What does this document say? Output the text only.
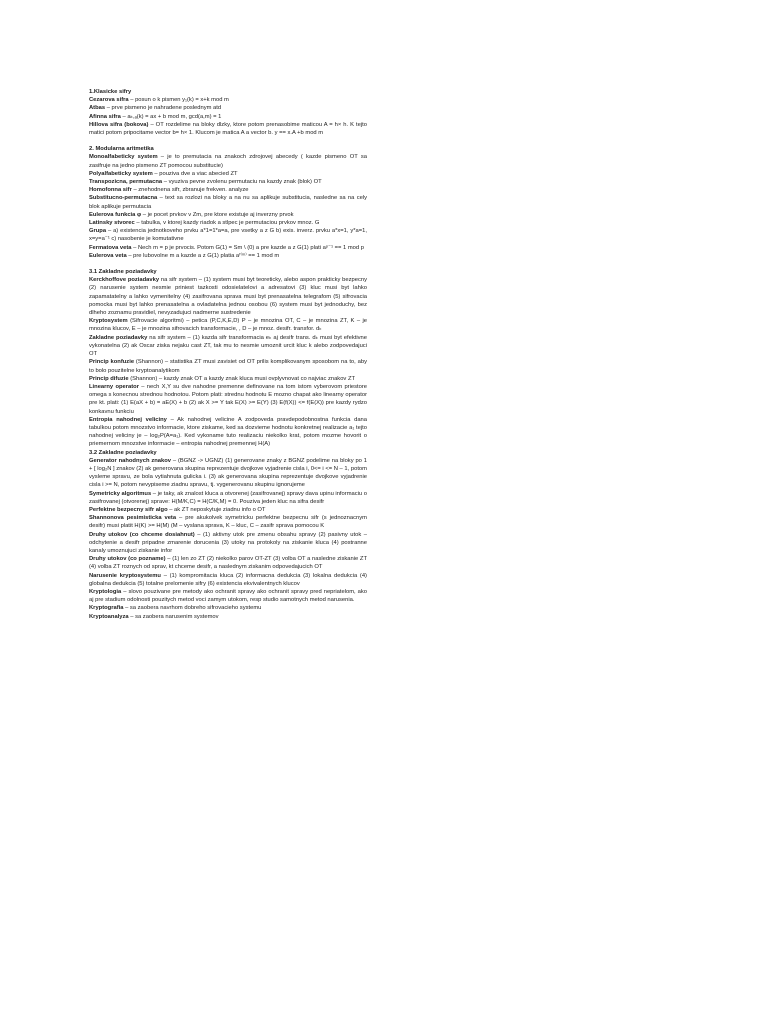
1.Klasicke sifry

Cezarova sifra – posun o k pismen y₁(k) = x+k mod m

Atbas – prve pismeno je nahradene poslednym atd

Afinna sifra – aₖ,ₐ(k) = ax + b mod m, gcd(a,m) = 1

Hillova sifra (bokova) – OT rozdelime na bloky dlzky, ktore potom prenasobime maticou A = h× h. K tejto matici potom pripocitame vector b= h× 1. Klucom je matica A a vector b. y == x.A +b mod m

2. Modularna aritmetika

Monoalfabeticky system – je to premutacia na znakoch zdrojovej abecedy ( kazde pismeno OT sa zasifruje na jedno pismeno ZT pomocou substitucie)

Polyalfabeticky system – pouziva dve a viac abecied ZT

Transpozicna, permutacna – vyuziva pevne zvolenu permutaciu na kazdy znak (blok) OT

Homofonna sifr – znehodnena sifr, zbranuje frekven. analyze

Substitucno-permutacna – text sa rozlozi na bloky a na nu sa aplikuje substitucia, nasledne sa na cely blok aplikuje permutacia

Eulerova funkcia φ – je pocet prvkov v Zm, pre ktore existuje aj inverzny prvok

Latinsky stvorec – tabulka, v ktorej kazdy riadok a stlpec je permutaciou prvkov mnoz. G

Grupa – a) existencia jednotkoveho prvku a*1=1*a=a, pre vsetky a z G b) exis. inverz. prvku a*x=1, y*a=1, x=y=a⁻¹ c) nasobenie je komutativne

Fermatova veta – Nech m = p je prvocis. Potom G(1) = Sm \ (0) a pre kazde a z G(1) plati aᵖ⁻¹ == 1 mod p

Eulerova veta – pre lubovolne m a kazde a z G(1) platia aᶠ⁽ᵐ⁾ == 1 mod m

3.1 Zakladne poziadavky

Kerckhoffove poziadavky na sifr system – (1) system musi byt teoreticky, alebo aspon prakticky bezpecny (2) narusenie system nesmie priniest tazkosti odosielatelovi a adresatovi (3) kluc musi byt lahko zapamatatelny a lahko vymenitelny (4) zasifrovana sprava musi byt prenasatelna telegrafom (5) sifrovacia pomocka musi byt lahko prenasatelna a ovladatelna jednou osobou (6) system musi byt jednoduchy, bez dlheho zoznamu pravidiel, nevyzadujuci nadmerne sustredenie

Kryptosystem (Sifrovacie algoritmi) – petica (P,C,K,E,D) P – je mnozina OT, C – je mnozina ZT, K – je mnozina klucov, E – je mnozina sifrovacich transformacie, , D – je mnoz. desifr. transfor. dₖ

Zakladne poziadavky na sifr system – (1) kazda sifr transformacia eₖ aj desifr trans. dₖ musi byt efektivne vykonatelna (2) ak Oscar ziska nejaku cast ZT, tak mu to nesmie umoznit urcit kluc k alebo zodpovedajuci OT

Princip konfuzie (Shannon) – statistika ZT musi zavisiet od OT prilis komplikovanym sposobom na to, aby to bolo pouzitelne kryptoanalytikom

Princip difuzie (Shannon) – kazdy znak OT a kazdy znak kluca musi ovplyvnovat co najviac znakov ZT

Linearny operator – nech X,Y su dve nahodne premenne definovane na tom istom vyberovom priestore omega s konecnou strednou hodnotou. Potom plati: strednu hodnotu E mozno chapat ako linearny operator pre kt. plati: (1) E(aX + b) = aE(X) + b (2) ak X >= Y tak E(X) >= E(Y) (3) E(f(X)) <= f(E(X)) pre kazdy rydzo konkavnu funkciu

Entropia nahodnej veliciny – Ak nahodnej velicine A zodpoveda pravdepodobnostna funkcia dana tabulkou potom mnozstvo informacie, ktore ziskame, ked sa dozvieme hodnotu konkretnej realizacie a₁ tejto nahodnej veliciny je – log₂P(A=a₁). Ked vykoname tuto realizaciu niekolko krat, potom mozme hovorit o priemernom mnozstve informacie – entropia nahodnej premennej H(A)

3.2 Zakladne poziadavky

Generator nahodnych znakov – (BGNZ -> UGNZ) (1) generovane znaky z BGNZ podelime na bloky po 1 + [ log₂N ] znakov (2) ak generovana skupina reprezentuje dvojkove vyjadrenie cisla i, 0<= i <= N – 1, potom vysleme spravu, ze bola vytiahnuta gulicka i. (3) ak generovana skupina reprezentuje dvojkove vyjadrenie cisla i >= N, potom nevypiseme ziadnu spravu, tj. vygenerovanu skupinu ignorujeme

Symetricky algoritmus – je taky, ak znalost kluca a otvorenej (zasifrovanej) spravy dava upinu informaciu o zasifrovanej (otvorenej) sprave: H(M/K,C) = H(C/K,M) = 0. Pouziva jeden kluc na sifra desifr

Perfektne bezpecny sifr algo – ak ZT neposkytuje ziadnu info o OT

Shannonova pesimisticka veta – pre akukolvek symetricku perfektne bezpecnu sifr (s jednoznacnym desifr) musi platit H(K) >= H(M) (M – vyslana sprava, K – kluc, C – zasifr sprava pomocou K

Druhy utokov (co chceme dosiahnut) – (1) aktivny utok pre zmenu obsahu spravy (2) pasivny utok – odchytenie a desifr pripadne zmarenie dorucenia (3) utoky na protokoly na ziskanie kluca (4) postranne kanaly umoznujuci ziskanie infor

Druhy utokov (co pozname) – (1) len zo ZT (2) niekolko parov OT-ZT (3) volba OT a nasledne ziskanie ZT (4) volba ZT roznych od sprav, kt chceme desifr, a naslednym ziskanim odpovedajucich OT

Narusenie kryptosystemu – (1) kompromitacia kluca (2) informacna dedukcia (3) lokalna dedukcia (4) globalna dedukcia (5) totalne prelomenie sifry (6) existencia ekvivalentnych klucov

Kryptologia – slovo pouzivane pre metody ako ochranit spravy ako ochranit spravy pred nepriatelom, ako aj pre stadium odolnosti pouzitych metod voci zamym utokom, resp studio samotnych metod narusenia.

Kryptografia – sa zaobera navrhom dobreho sifrovacieho systemu

Kryptoanalyza – sa zaobera narusenim systemov
